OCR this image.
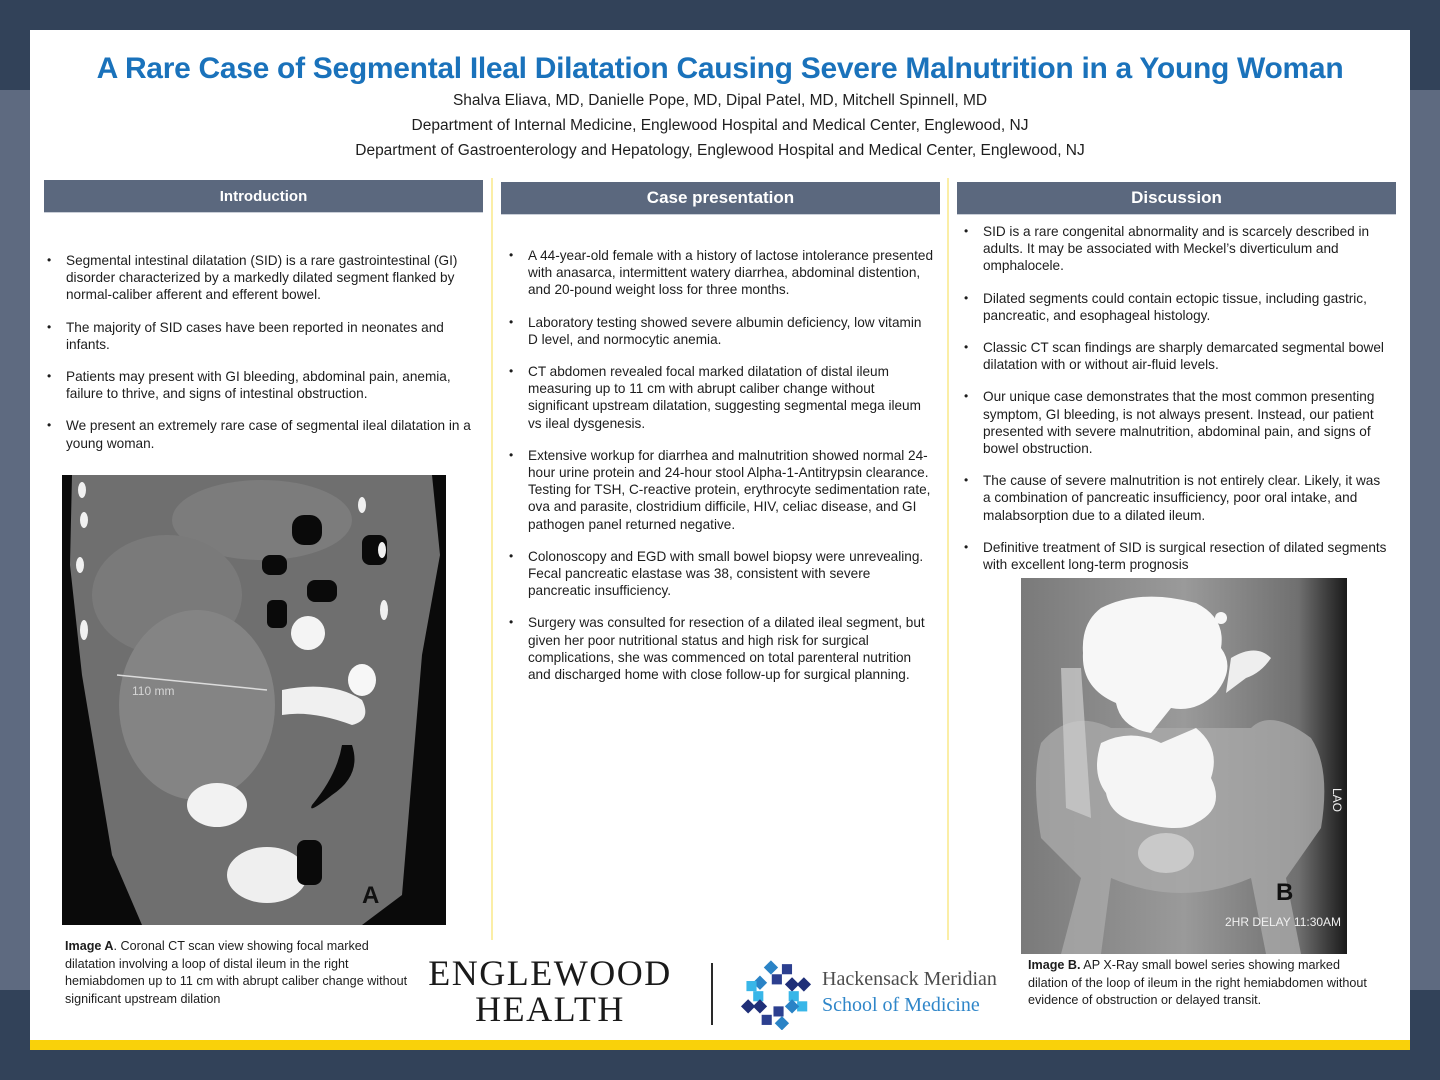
A Rare Case of Segmental Ileal Dilatation Causing Severe Malnutrition in a Young Woman
Shalva Eliava, MD, Danielle Pope, MD, Dipal Patel, MD, Mitchell Spinnell, MD
Department of Internal Medicine, Englewood Hospital and Medical Center, Englewood, NJ
Department of Gastroenterology and Hepatology, Englewood Hospital and Medical Center, Englewood, NJ
Introduction
• Segmental intestinal dilatation (SID) is a rare gastrointestinal (GI) disorder characterized by a markedly dilated segment flanked by normal-caliber afferent and efferent bowel.
• The majority of SID cases have been reported in neonates and infants.
• Patients may present with GI bleeding, abdominal pain, anemia, failure to thrive, and signs of intestinal obstruction.
• We present an extremely rare case of segmental ileal dilatation in a young woman.
110 mm
A
Image A. Coronal CT scan view showing focal marked dilatation involving a loop of distal ileum in the right hemiabdomen up to 11 cm with abrupt caliber change without significant upstream dilation
Case presentation
• A 44-year-old female with a history of lactose intolerance presented with anasarca, intermittent watery diarrhea, abdominal distention, and 20-pound weight loss for three months.
• Laboratory testing showed severe albumin deficiency, low vitamin D level, and normocytic anemia.
• CT abdomen revealed focal marked dilatation of distal ileum measuring up to 11 cm with abrupt caliber change without significant upstream dilatation, suggesting segmental mega ileum vs ileal dysgenesis.
• Extensive workup for diarrhea and malnutrition showed normal 24-hour urine protein and 24-hour stool Alpha-1-Antitrypsin clearance. Testing for TSH, C-reactive protein, erythrocyte sedimentation rate, ova and parasite, clostridium difficile, HIV, celiac disease, and GI pathogen panel returned negative.
• Colonoscopy and EGD with small bowel biopsy were unrevealing. Fecal pancreatic elastase was 38, consistent with severe pancreatic insufficiency.
• Surgery was consulted for resection of a dilated ileal segment, but given her poor nutritional status and high risk for surgical complications, she was commenced on total parenteral nutrition and discharged home with close follow-up for surgical planning.
Discussion
• SID is a rare congenital abnormality and is scarcely described in adults. It may be associated with Meckel’s diverticulum and omphalocele.
• Dilated segments could contain ectopic tissue, including gastric, pancreatic, and esophageal histology.
• Classic CT scan findings are sharply demarcated segmental bowel dilatation with or without air-fluid levels.
• Our unique case demonstrates that the most common presenting symptom, GI bleeding, is not always present. Instead, our patient presented with severe malnutrition, abdominal pain, and signs of bowel obstruction.
• The cause of severe malnutrition is not entirely clear. Likely, it was a combination of pancreatic insufficiency, poor oral intake, and malabsorption due to a dilated ileum.
• Definitive treatment of SID is surgical resection of dilated segments with excellent long-term prognosis
B
2HR DELAY 11:30AM
LAO
Image B. AP X-Ray small bowel series showing marked dilation of the loop of ileum in the right hemiabdomen without evidence of obstruction or delayed transit.
ENGLEWOOD
HEALTH
Hackensack Meridian
School of Medicine
